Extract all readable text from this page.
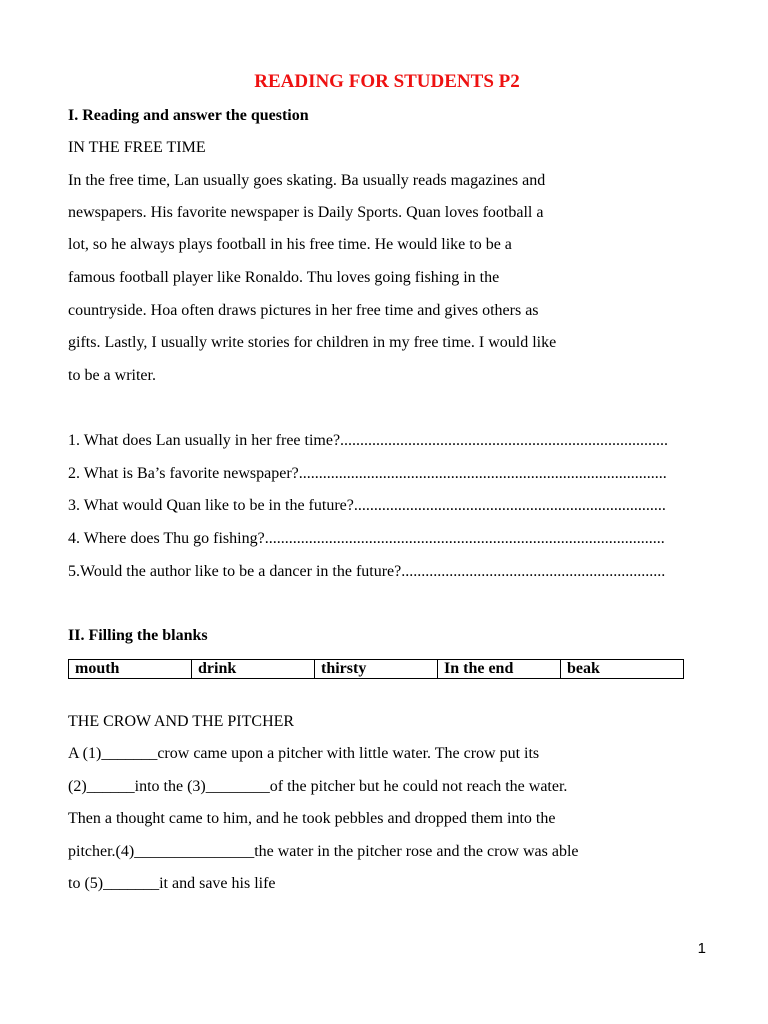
READING FOR STUDENTS P2
I. Reading and answer the question
IN THE FREE TIME
In the free time, Lan usually goes skating. Ba usually reads magazines and
newspapers. His favorite newspaper is Daily Sports. Quan loves football a
lot, so he always plays football in his free time. He would like to be a
famous football player like Ronaldo. Thu loves going fishing in the
countryside. Hoa often draws pictures in her free time and gives others as
gifts. Lastly, I usually write stories for children in my free time. I would like
to be a writer.
1. What does Lan usually in her free time?..................................................................................
2. What is Ba’s favorite newspaper?............................................................................................
3. What would Quan like to be in the future?..............................................................................
4. Where does Thu go fishing?....................................................................................................
5.Would the author like to be a dancer in the future?..................................................................
II. Filling the blanks
mouth	drink	thirsty	In the end	beak
THE CROW AND THE PITCHER
A (1)_______crow came upon a pitcher with little water. The crow put its
(2)______into the (3)________of the pitcher but he could not reach the water.
Then a thought came to him, and he took pebbles and dropped them into the
pitcher.(4)_______________the water in the pitcher rose and the crow was able
to (5)_______it and save his life
1
